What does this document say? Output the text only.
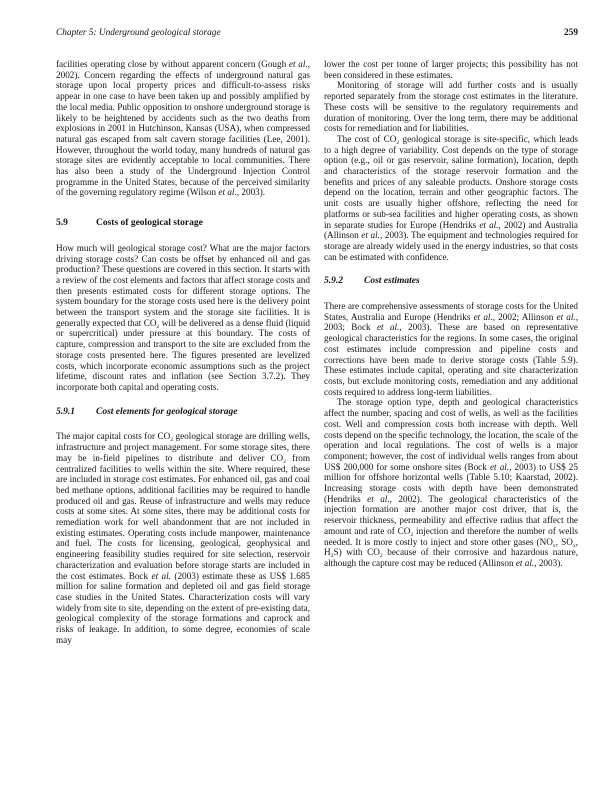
Chapter 5: Underground geological storage	259

facilities operating close by without apparent concern (Gough et al., 2002). Concern regarding the effects of underground natural gas storage upon local property prices and difficult-to-assess risks appear in one case to have been taken up and possibly amplified by the local media. Public opposition to onshore underground storage is likely to be heightened by accidents such as the two deaths from explosions in 2001 in Hutchinson, Kansas (USA), when compressed natural gas escaped from salt cavern storage facilities (Lee, 2001). However, throughout the world today, many hundreds of natural gas storage sites are evidently acceptable to local communities. There has also been a study of the Underground Injection Control programme in the United States, because of the perceived similarity of the governing regulatory regime (Wilson et al., 2003).

5.9	Costs of geological storage

How much will geological storage cost? What are the major factors driving storage costs? Can costs be offset by enhanced oil and gas production? These questions are covered in this section. It starts with a review of the cost elements and factors that affect storage costs and then presents estimated costs for different storage options. The system boundary for the storage costs used here is the delivery point between the transport system and the storage site facilities. It is generally expected that $CO_2$ will be delivered as a dense fluid (liquid or supercritical) under pressure at this boundary. The costs of capture, compression and transport to the site are excluded from the storage costs presented here. The figures presented are levelized costs, which incorporate economic assumptions such as the project lifetime, discount rates and inflation (see Section 3.7.2). They incorporate both capital and operating costs.

5.9.1 Cost elements for geological storage

The major capital costs for $CO_2$ geological storage are drilling wells, infrastructure and project management. For some storage sites, there may be in-field pipelines to distribute and deliver $CO_2$ from centralized facilities to wells within the site. Where required, these are included in storage cost estimates. For enhanced oil, gas and coal bed methane options, additional facilities may be required to handle produced oil and gas. Reuse of infrastructure and wells may reduce costs at some sites. At some sites, there may be additional costs for remediation work for well abandonment that are not included in existing estimates. Operating costs include manpower, maintenance and fuel. The costs for licensing, geological, geophysical and engineering feasibility studies required for site selection, reservoir characterization and evaluation before storage starts are included in the cost estimates. Bock et al. (2003) estimate these as US$ 1.685 million for saline formation and depleted oil and gas field storage case studies in the United States. Characterization costs will vary widely from site to site, depending on the extent of pre-existing data, geological complexity of the storage formations and caprock and risks of leakage. In addition, to some degree, economies of scale may

lower the cost per tonne of larger projects; this possibility has not been considered in these estimates.

Monitoring of storage will add further costs and is usually reported separately from the storage cost estimates in the literature. These costs will be sensitive to the regulatory requirements and duration of monitoring. Over the long term, there may be additional costs for remediation and for liabilities.

The cost of $CO_2$ geological storage is site-specific, which leads to a high degree of variability. Cost depends on the type of storage option (e.g., oil or gas reservoir, saline formation), location, depth and characteristics of the storage reservoir formation and the benefits and prices of any saleable products. Onshore storage costs depend on the location, terrain and other geographic factors. The unit costs are usually higher offshore, reflecting the need for platforms or sub-sea facilities and higher operating costs, as shown in separate studies for Europe (Hendriks et al., 2002) and Australia (Allinson et al., 2003). The equipment and technologies required for storage are already widely used in the energy industries, so that costs can be estimated with confidence.

5.9.2 Cost estimates

There are comprehensive assessments of storage costs for the United States, Australia and Europe (Hendriks et al., 2002; Allinson et al., 2003; Bock et al., 2003). These are based on representative geological characteristics for the regions. In some cases, the original cost estimates include compression and pipeline costs and corrections have been made to derive storage costs (Table 5.9). These estimates include capital, operating and site characterization costs, but exclude monitoring costs, remediation and any additional costs required to address long-term liabilities.

The storage option type, depth and geological characteristics affect the number, spacing and cost of wells, as well as the facilities cost. Well and compression costs both increase with depth. Well costs depend on the specific technology, the location, the scale of the operation and local regulations. The cost of wells is a major component; however, the cost of individual wells ranges from about US$ 200,000 for some onshore sites (Bock et al., 2003) to US$ 25 million for offshore horizontal wells (Table 5.10; Kaarstad, 2002). Increasing storage costs with depth have been demonstrated (Hendriks et al., 2002). The geological characteristics of the injection formation are another major cost driver, that is, the reservoir thickness, permeability and effective radius that affect the amount and rate of $CO_2$ injection and therefore the number of wells needed. It is more costly to inject and store other gases ($NO_x$, $SO_x$, $H_2S$) with $CO_2$ because of their corrosive and hazardous nature, although the capture cost may be reduced (Allinson et al., 2003).
